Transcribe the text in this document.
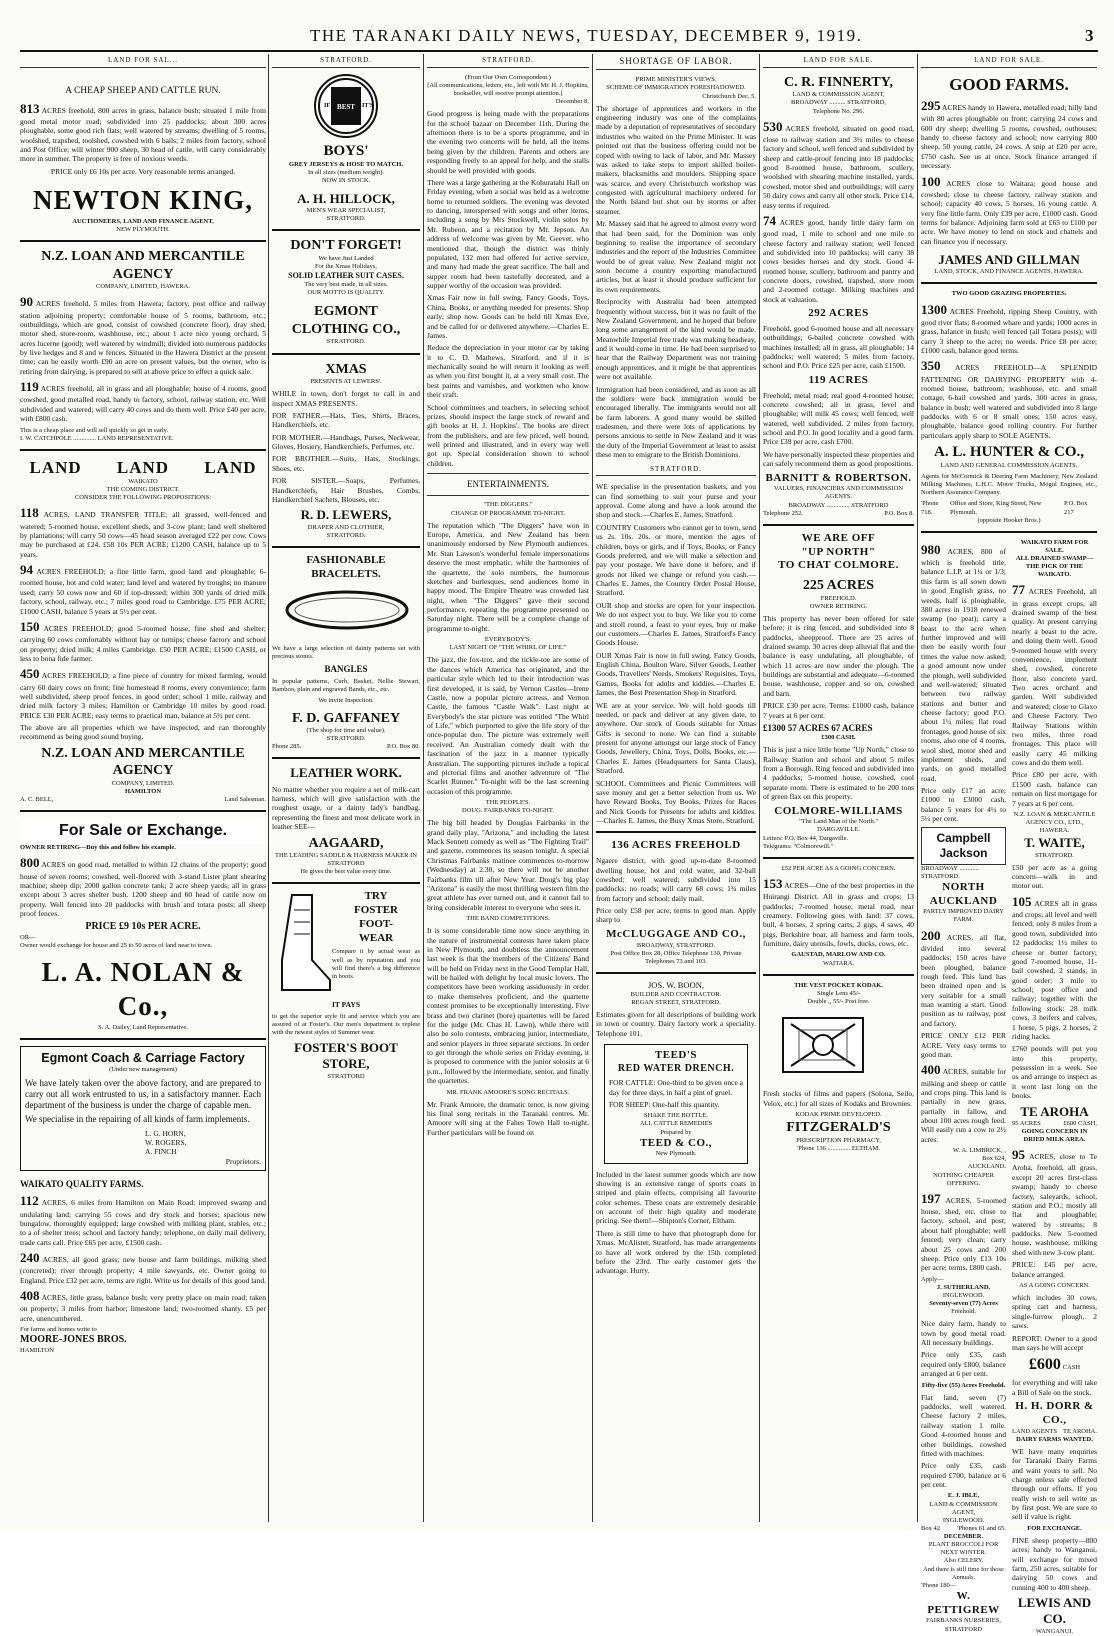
THE TARANAKI DAILY NEWS, TUESDAY, DECEMBER 9, 1919.	3
LAND FOR SAL...
A CHEAP SHEEP AND CATTLE RUN.

813 ACRES freehold, 800 acres in grass, balance bush; situated 1 mile from good metal motor road; subdivided into 25 paddocks; about 300 acres ploughable, some good rich flats; well watered by streams; dwelling of 5 rooms, woolshed, trapshed, toolshed, cowshed with 6 bails; 2 miles from factory, school and Post Office; will winter 900 sheep, 30 head of cattle, will carry considerably more in summer. The property is free of noxious weeds.

PRICE only £6 10s per acre. Very reasonable terms arranged.
NEWTON KING,
AUCTIONEERS, LAND AND FINANCE AGENT,
NEW PLYMOUTH.
N.Z. LOAN AND MERCANTILE AGENCY
COMPANY, LIMITED, HAWERA.

90 ACRES freehold, 5 miles from Hawera; factory, post office and railway station adjoining property; comfortable house of 5 rooms, bathroom, etc.; outbuildings, which are good, consist of cowshed (concrete floor), dray shed, motor shed, store-room, washhouse, etc.; about 1 acre nice young orchard, 5 acres lucerne (good); well watered by windmill; divided into numerous paddocks by live hedges and 8 and w fences. Situated in the Hawera District at the present time; can be easily worth £90 an acre on present values, but the owner, who is retiring from dairying, is prepared to sell at above price to effect a quick sale.

119 ACRES freehold, all in grass and all ploughable; house of 4 rooms, good cowshed, good metalled road, handy to factory, school, railway station, etc. Well subdivided and watered; will carry 40 cows and do them well. Price £40 per acre, with £800 cash.

This is a cheap place and will sell quickly so get in early.
I. W. CATCHPOLE .............. LAND REPRESENTATIVE.
LAND LAND LAND
WAIKATO
THE COMING DISTRICT.
CONSIDER THE FOLLOWING PROPOSITIONS:

118 ACRES, LAND TRANSFER TITLE; all grassed, well-fenced and watered; 5-roomed house, excellent sheds, and 3-cow plant; land well sheltered by plantations; will carry 50 cows—45 head season averaged £22 per cow. Cows may be purchased at £24. £58 10s PER ACRE; £1200 CASH, balance up to 5 years.

94 ACRES FREEHOLD; a fine little farm, good land and ploughable; 6-roomed house, hot and cold water; land level and watered by troughs; no manure used; carry 50 cows now and 60 if top-dressed; within 300 yards of dried milk factory, school, railway, etc.; 7 miles good road to Cambridge. £75 PER ACRE; £1000 CASH, balance 5 years at 5½ per cent.

150 ACRES FREEHOLD; good 5-roomed house, fine shed and shelter; carrying 60 cows comfortably without hay or turnips; cheese factory and school on property; dried milk; 4 miles Cambridge. £50 PER ACRE; £1500 CASH, or less to bona fide farmer.

450 ACRES FREEHOLD; a fine piece of country for mixed farming, would carry 60 dairy cows on front; fine homestead 8 rooms, every convenience; farm well subdivided, sheep proof fences, in good order; school 1 mile, railway and dried milk factory 3 miles; Hamilton or Cambridge 10 miles by good road. PRICE £30 PER ACRE; easy terms to practical man, balance at 5½ per cent.

The above are all properties which we have inspected, and can thoroughly recommend as being good sound buying.

N.Z. LOAN AND MERCANTILE AGENCY
COMPANY, LIMITED.
HAMILTON
A. C. BELL,	Land Salesman.
For Sale or Exchange.
OWNER RETIRING—Buy this and follow his example.

800 ACRES on good road, metalled to within 12 chains of the property; good house of seven rooms; cowshed, well-floored with 3-stand Lister plant shearing machine; sheep dip; 2000 gallon concrete tank; 2 acre sheep yards; all in grass except about 3 acres shelter bush. 1200 sheep and 60 head of cattle now on property. Well fenced into 20 paddocks with brush and totara posts; all sheep proof fences.

PRICE £9 10s PER ACRE.
OR—
Owner would exchange for house and 25 to 50 acres of land near to town.
L. A. NOLAN & Co.,
S. A. Dailey, Land Representative.
Egmont Coach & Carriage Factory
(Under new management)

We have lately taken over the above factory, and are prepared to carry out all work entrusted to us, in a satisfactory manner. Each department of the business is under the charge of capable men.

We specialise in the repairing of all kinds of farm implements.

L. G. HORN,
W. ROGERS,
A. FINCH
Proprietors.
WAIKATO QUALITY FARMS.

112 ACRES, 6 miles from Hamilton on Main Road; improved swamp and undulating land; carrying 55 cows and dry stock and horses; spacious new bungalow, thoroughly equipped; large cowshed with milking plant, stables, etc.; to a of shelter trees; school and factory handy; telephone, on daily mail delivery, trade carts call. Price £65 per acre, £1500 cash.

240 ACRES, all good grass; new house and farm buildings, milking shed (concreted); river through property; 4 mile sawyards, etc. Owner going to England. Price £32 per acre, terms are right. Write us for details of this good land.

408 ACRES, little grass, balance bush; very pretty place on main road; taken on property; 3 miles from harbor; limestone land; two-roomed shanty. £5 per acre, unencumbered.

For farms and homes write to
MOORE-JONES BROS.
HAMILTON
STRATFORD.
BEST
IF	IT'S
BOYS'
GREY JERSEYS & HOSE TO MATCH.
In all sizes (medium weight).
NOW IN STOCK.
A. H. HILLOCK,
MEN'S WEAR SPECIALIST,
STRATFORD.
DON'T FORGET!
We have Just Landed
For the Xmas Holidays,
SOLID LEATHER SUIT CASES.
The very best made, in all sizes.
OUR MOTTO IS QUALITY.
EGMONT
CLOTHING CO.,
STRATFORD.
XMAS
PRESENTS AT LEWERS'.

WHILE in town, don't forget to call in and inspect XMAS PRESENTS.

FOR FATHER.—Hats, Ties, Shirts, Braces, Handkerchiefs, etc.

FOR MOTHER.—Handbags, Purses, Neckwear, Gloves, Hosiery, Handkerchiefs, Perfumes, etc.

FOR BROTHER.—Suits, Hats, Stockings, Shoes, etc.

FOR SISTER.—Soaps, Perfumes, Handkerchiefs, Hair Brushes, Combs, Handkerchief Sachets, Blouses, etc.

R. D. LEWERS,
DRAPER AND CLOTHIER,
STRATFORD.
FASHIONABLE
BRACELETS.

We have a large selection of dainty patterns set with precious stones.

BANGLES

In popular patterns, Curb, Basket, Nellie Stewart, Bamboo, plain and engraved Bands, etc., etc.

We invite Inspection.
F. D. GAFFANEY
(The shop for time and value).
STRATFORD.
Phone 285.	P.O. Box 80.
LEATHER WORK.

No matter whether you require a set of milk-cart harness, which will give satisfaction with the roughest usage, or a dainty lady's handbag, representing the finest and most delicate work in leather SEE—

AAGAARD,
THE LEADING SADDLE & HARNESS MAKER IN STRATFORD
He gives the best value every time.
TRY
FOSTER
FOOT-
WEAR

Compare it by actual wear as well as by reputation and you will find there's a big difference in boots.

IT PAYS

to get the superior style fit and service which you are assured of at Foster's. Our men's department is replete with the newest styles of Summer wear.

FOSTER'S BOOT
STORE,
STRATFORD
STRATFORD.
(From Our Own Correspondent.)
[All communications, letters, etc., left with Mr. H. J. Hopkins, bookseller, will receive prompt attention.]
December 8.

Good progress is being made with the preparations for the school bazaar on December 11th. During the afternoon there is to be a sports programme, and in the evening two concerts will be held, all the items being given by the children. Parents and others are responding freely to an appeal for help, and the stalls should be well provided with goods.

There was a large gathering at the Kohuratahi Hall on Friday evening, when a social was held as a welcome home to returned soldiers. The evening was devoted to dancing, interspersed with songs and other items, including a song by Mrs Stockwell, violin solos by Mr. Rubeon, and a recitation by Mr. Jepson. An address of welcome was given by Mr. Geever, who mentioned that, though the district was thinly populated, 132 men had offered for active service, and many had made the great sacrifice. The hall and supper room had been tastefully decorated, and a supper worthy of the occasion was provided.

Xmas Fair now in full swing. Fancy Goods, Toys, China, Books, or anything needed for presents. Shop early; shop now. Goods can be held till Xmas Eve, and be called for or delivered anywhere.—Charles E. James.

Reduce the depreciation in your motor car by taking it to C. D. Mathews, Stratford, and if it is mechanically sound he will return it looking as well as when you first bought it, at a very small cost. The best paints and varnishes, and workmen who know their craft.

School committees and teachers, in selecting school prizes, should inspect the large stock of reward and gift books at H. J. Hopkins'. The books are direct from the publishers, and are few priced, well bound, well printed and illustrated, and in every way well got up. Special consideration shown to school children.

ENTERTAINMENTS.
"THE DIGGERS."
CHANGE OF PROGRAMME TO-NIGHT.

The reputation which "The Diggers" have won in Europe, America, and New Zealand has been unanimously endorsed by New Plymouth audiences. Mr. Stan Lawson's wonderful female impersonations deserve the most emphatic, while the harmonies of the quartette, the solo numbers, the humorous sketches and burlesques, send audiences home in happy mood. The Empire Theatre was crowded last night, when "The Diggers" gave their second performance, repeating the programme presented on Saturday night. There will be a complete change of programme to-night.

EVERYBODY'S.
LAST NIGHT OF "THE WHIRL OF LIFE."

The jazz, the fox-trot, and the tickle-toe are some of the dances which America has originated, and the particular style which led to their introduction was first developed, it is said, by Vernon Castles—Irene Castle, now a popular picture actress, and Vernon Castle, the famous "Castle Walk". Last night at Everybody's the star picture was entitled "The Whirl of Life," which purported to give the life story of the once-popular duo. The picture was extremely well received. An Australian comedy dealt with the fascination of the jazz in a manner typically Australian. The supporting pictures include a topical and pictorial films and another adventure of "The Scarlet Runner." To-night will be the last screening occasion of this programme.

THE PEOPLE'S.
DOUG. FAIRBANKS TO-NIGHT.

The big bill headed by Douglas Fairbanks in the grand daily play, "Arizona," and including the latest Mack Sennett comedy as well as "The Fighting Trail" and gazette, commences its season tonight. A special Christmas Fairbanks matinee commences to-morrow (Wednesday) at 2.30, so there will not be another Fairbanks film till after New Year. Doug's big play "Arizona" is easily the most thrilling western film the great athlete has ever turned out, and it cannot fail to bring considerable interest to everyone who sees it.

THE BAND COMPETITIONS.

It is some considerable time now since anything in the nature of instrumental contests have taken place in New Plymouth, and doubtless the announcement last week is that the members of the Citizens' Band will be held on Friday next in the Good Templar Hall, will be hailed with delight by local music lovers. The competitors have been working assiduously in order to make themselves proficient, and the quartette contest promises to be exceptionally interesting. Five brass and two clarinet (bore) quartettes will be faced for the judge (Mr. Chas H. Lawn), while there will also be solo contests, embracing junior, intermediate, and senior players in three separate sections. In order to get through the whole series on Friday evening, it is proposed to commence with the junior solosits at 6 p.m., followed by the intermediate, senior, and finally the quartettes.

MR. FRANK AMOORE'S SONG RECITALS.

Mr. Frank Amoore, the dramatic tenor, is now giving his final song recitals in the Taranaki centres. Mr. Amoore will sing at the Fahes Town Hall to-night. Further particulars will be found on

SHORTAGE OF LABOR.
PRIME MINISTER'S VIEWS.
SCHEME OF IMMIGRATION FORESHADOWED.
Christchurch Dec. 5.

The shortage of apprentices and workers in the engineering industry was one of the complaints made by a deputation of representatives of secondary industries who waited on the Prime Minister. It was pointed out that the business offering could not be coped with owing to lack of labor, and Mr. Massey was asked to take steps to import skilled boiler-makers, blacksmiths and moulders. Shipping space was scarce, and every Christchurch workshop was congested with agricultural machinery ordered for the North Island but shut out by storms or after steamer.

Mr. Massey said that he agreed to almost every word that had been said, for the Dominion was only beginning to realise the importance of secondary industries and the report of the Industries Committee would be of great value. New Zealand might not soon become a country exporting manufactured articles, but at least it should produce sufficient for its own requirements.

Reciprocity with Australia had been attempted frequently without success, but it was no fault of the New Zealand Government, and he hoped that before long some arrangement of the kind would be made. Meanwhile Imperial free trade was making headway, and it would come in time. He had been surprised to hear that the Railway Department was not training enough apprentices, and it might be that apprentices were not available.

Immigration had been considered, and as soon as all the soldiers were back immigration would be encouraged liberally. The immigrants would not all be farm laborers. A good many would be skilled tradesmen, and there were lots of applications by persons anxious to settle in New Zealand and it was the duty of the Imperial Government at least to assist these men to emigrate to the British Dominions.

STRATFORD.

WE specialise in the presentation baskets, and you can find something to suit your purse and your approval. Come along and have a look around the shop and stock.—Charles E. James, Stratford.

COUNTRY Customers who cannot get to town, send us 2s. 10s. 20s. or more, mention the ages of children, boys or girls, and if Toys, Books, or Fancy Goods preferred, and we will make a selection and pay your postage. We have done it before, and if goods not liked we change or refund you cash.—Charles E. James, the Country Order Postal House, Stratford.

OUR shop and stocks are open for your inspection. We do not expect you to buy. We like you to come and stroll round, a feast to your eyes, buy or make our customers.—Charles E. James, Stratford's Fancy Goods House.

OUR Xmas Fair is now in full swing. Fancy Goods, English China, Boulton Ware, Silver Goods, Leather Goods, Travellers' Needs, Smokers' Requisites, Toys, Games, Books for adults and kiddies.—Charles E. James, the Best Presentation Shop in Stratford.

WE are at your service. We will hold goods till needed, or pack and deliver at any given date, to anywhere. Our stock of Goods suitable for Xmas Gifts is second to none. We can find a suitable present for anyone amongst our large stock of Fancy Goods, Jewellery, China, Toys, Dolls, Books, etc.—Charles E. James (Headquarters for Santa Claus), Stratford.

SCHOOL Committees and Picnic Committees will save money and get a better selection from us. We have Reward Books, Toy Books, Prizes for Races and Nick Goods for Presents for adults and kiddies.—Charles E. James, the Busy Xmas Store, Stratford.

136 ACRES FREEHOLD

Ngaere district, with good up-to-date 8-roomed dwelling house, hot and cold water, and 32-ball cowshed; well watered; subdivided into 15 paddocks; no roads; will carry 68 cows; 1¾ miles from factory and school; daily mail.

Price only £58 per acre, terms to good man. Apply sharp to

McCLUGGAGE AND CO.,
BROADWAY, STRATFORD.
Post Office Box 28, Office Telephone 130, Private Telephones 73 and 103.
JOS. W. BOON,
BUILDER AND CONTRACTOR.
REGAN STREET, STRATFORD.

Estimates given for all descriptions of building work in town or country. Dairy factory work a speciality. Telephone 101.

TEED'S
RED WATER DRENCH.

FOR CATTLE: One-third to be given once a day for three days, in half a pint of gruel.

FOR SHEEP: One-half this quantity.

SHAKE THE BOTTLE.
ALL CATTLE REMEDIES
Prepared by
TEED & CO.,
New Plymouth.

Included in the latest summer goods which are now showing is an extensive range of sports coats in striped and plain effects, comprising all favourite color schemes. These coats are extremely desirable on account of their high quality and moderate pricing. See them!—Shipton's Corner, Eltham.

There is still time to have that photograph done for Xmas. McAlister, Stratford, has made arrangements to have all work ordered by the 15th completed before the 23rd. The early customer gets the advantage. Hurry.

LAND FOR SALE.
C. R. FINNERTY,
LAND & COMMISSION AGENT,
BROADWAY .......... STRATFORD,
Telephone No. 296.

530 ACRES freehold, situated on good road, close to railway station and 3½ miles to cheese factory and school, well fenced and subdivided by sheep and cattle-proof fencing into 18 paddocks; good 8-roomed house, bathroom, scullery, woolshed with shearing machine installed, yards, cowshed, motor shed and outbuildings; will carry 50 dairy cows and carry all other stock. Price £14, easy terms if required.

74 ACRES good, handy little dairy farm on good road, 1 mile to school and one mile to cheese factory and railway station; well fenced and subdivided into 10 paddocks; will carry 38 cows besides horses and dry stock. Good 4-roomed house, scullery, bathroom and pantry and concrete doors, cowshed, trapshed, store room and 2-roomed cottage. Milking machines and stock at valuation.

292 ACRES

Freehold, good 6-roomed house and all necessary outbuildings; 6-bailed concrete cowshed with machines installed; all in grass, all ploughable; 14 paddocks; well watered; 5 miles from factory, school and P.O. Price £25 per acre, cash £1500.

119 ACRES

Freehold, metal road; real good 4-roomed house; concrete cowshed; all in grass, level and ploughable; will milk 45 cows; well fenced, well watered, well subdivided, 2 miles from factory, school and P.O. In good locality and a good farm. Price £39 per acre, cash £700.

We have personally inspected these properties and can safely recommend them as good propositions.

BARNITT & ROBERTSON.
VALUERS, FINANCIERS AND COMMISSION AGENTS.
BROADWAY .............. STRATFORD
Telephone 252.	P.O. Box 8.
WE ARE OFF
"UP NORTH"
TO CHAT COLMORE.
225 ACRES
FREEHOLD.
OWNER RETIRING.

This property has never been offered for sale before; it is ring fenced, and subdivided into 8 paddocks, sheepproof. There are 25 acres of drained swamp, 30 acres deep alluvial flat and the balance is easy undulating, all ploughable, of which 11 acres are now under the plough. The buildings are substantial and adequate—6-roomed house, washhouse, copper and so on, cowshed and barn.

PRICE £30 per acre. Terms: £1000 cash, balance 7 years at 6 per cent.

£1300 57 ACRES 67 ACRES
£300 CASH.

This is just a nice little home "Up North," close to Railway Station and school and about 5 miles from a Borough. Ring fenced and subdivided into 4 paddocks; 5-roomed house, cowshed, cool separate room. There is estimated to be 200 tons of green flax on this property.

COLMORE-WILLIAMS
"The Land Man of the North."
DARGAVILLE.
Letters: P.O. Box 44, Dargaville.
Telegrams: "Colmorewill."
£52 PER ACRE AS A GOING CONCERN.

153 ACRES—One of the best properties in the Huirangi District. All in grass and crops; 13 paddocks; 7-roomed house, metal road, near creamery. Following goes with land: 37 cows, bull, 4 horses, 2 spring carts, 2 gigs, 4 saws, 40 pigs, Berkshire boar, all harness and farm tools, furniture, dairy utensils, fowls, ducks, cows, etc.

GAUSTAD, MARLOW AND CO.
WAITARA.
THE VEST POCKET KODAK.
Single Lens 45/-
Double ,, 55/- Post free.

Fresh stocks of films and papers (Solona, Seilo, Velox, etc.) for all sizes of Kodaks and Brownies.

KODAK PRIME DEVELOPED.
FITZGERALD'S
PRESCRIPTION PHARMACY,
'Phone 136 .............. ELTHAM.
LAND FOR SALE.
GOOD FARMS.

295 ACRES handy to Hawera, metalled road; hilly land with 80 acres ploughable on front; carrying 24 cows and 600 dry sheep; dwelling 5 rooms, cowshed, outhouses; handy to cheese factory and school; now carrying 800 sheep, 50 young cattle, 24 cows. A snip at £20 per acre, £750 cash. See us at once. Stock finance arranged if necessary.

100 ACRES close to Waitara; good house and cowshed; close to cheese factory, railway station and school; capacity 40 cows, 5 horses, 16 young cattle. A very fine little farm. Only £39 per acre, £1000 cash. Good terms for balance. Adjoining farm sold at £65 to £100 per acre. We have money to lend on stock and chattels and can finance you if necessary.

JAMES AND GILLMAN
LAND, STOCK, AND FINANCE AGENTS, HAWERA.
TWO GOOD GRAZING PROPERTIES.

1300 ACRES Freehold, ripping Sheep Country, with good river flats; 8-roomed whare and yards; 1000 acres in grass, balance in bush; well fenced (all Totara posts); will carry 3 sheep to the acre; no weeds. Price £8 per acre; £1000 cash, balance good terms.

350 ACRES FREEHOLD—A SPLENDID FATTENING OR DAIRYING PROPERTY with 4-roomed house, bathroom, washhouse, etc. and small cottage, 6-bail cowshed and yards, 300 acres in grass, balance in bush; well watered and subdivided into 8 large paddocks with 6 or 8 small ones; 150 acres easy, ploughable, balance good rolling country. For further particulars apply sharp to SOLE AGENTS.

A. L. HUNTER & CO.,
LAND AND GENERAL COMMISSION AGENTS.

Agents for McCormick & Deering Farm Machinery, New Zealand Milking Machines, L.H.C. Motor Trucks, Mogul Engines, etc., Northern Assurance Company.

'Phone 718.
Office and Store, King Street, New Plymouth.
P.O. Box 217
(opposite Hooker Bros.)

980 ACRES, 800 of which is freehold title, balance L.I.P. at 1¼ or 1/3; this farm is all sown down in good English grass, no weeds, half is ploughable, 380 acres in 1918 renewed swamp (no peat); carry a beast to the acre when further improved and will then be easily worth four times the value now asked; a good amount now under the plough, well subdivided and well-watered; situated between two railway stations and butter and cheese factory; good P.O. about 1½ miles; flat road frontages, good house of six rooms, also one of 4 rooms, wool shed, motor shed and implement sheds, and yards, on good metalled road.

Price only £17 an acre; £1000 to £3000 cash, balance 5 years for 4½ to 5¼ per cent.

Campbell Jackson
BROADWAY ............ STRATFORD.
NORTH AUCKLAND
PARTLY IMPROVED DAIRY FARM.

200 ACRES, all flat, divided into several paddocks; 150 acres have been ploughed, balance rough feed. This land has been drained open and is very suitable for a small man wanting a start. Good position as to railway, post and factory.

PRICE ONLY £12 PER ACRE. Very easy terms to good man.

400 ACRES, suitable for milking and sheep or cattle and crops ping. This land is partially in new grass, partially in fallow, and about 100 acres rough feed. Will easily run a cow to 2½ acres.

W. A. LIMBRICK, ,
Box 624,
AUCKLAND.
NOTHING CHEAPER OFFERING.

197 ACRES, 5-roomed house, shed, etc. close to factory, school, and post; about half ploughable; well fenced; very clean; carry about 25 cows and 200 sheep. Price only £13 10s per acre; terms, £800 cash.

Apply—
J. SUTHERLAND,
INGLEWOOD.
Seventy-seven (77) Acres
Freehold.

Nice dairy farm, handy to town by good metal road. All necessary buildings.

Price only £35, cash required only £800, balance arranged at 6 per cent.

Fifty-five (55) Acres Freehold.

Flat land, seven (7) paddocks, well watered. Cheese factory 2 miles, railway station 1 mile. Good 4-roomed house and other buildings, cowshed fitted with machines.

Price only £35, cash required £700, balance at 6 per cent.

E. J. IBLE,
LAND & COMMISSION AGENT,
INGLEWOOD.
Box 42	'Phones 61 and 65.
DECEMBER.
PLANT BROCCOLI FOR NEXT WINTER.
Also CELERY.
And there is still time for those Annuals.
'Phone 180—
W. PETTIGREW
FAIRBANKS NURSERIES,
STRATFORD
WAIKATO FARM FOR SALE.
ALL DRAINED SWAMP—THE PICK OF THE WAIKATO.

77 ACRES Freehold, all in grass except crops, all drained swamp of the best quality. At present carrying nearly a beast to the acre, and doing them well. Good 9-roomed house with every convenience, implement shed, cowshed, concrete floor, also concrete yard. Two acres orchard and garden. Well subdivided and watered; close to Glaxo and Cheese Factory. Two Railway Stations within two miles, three road frontages. This place will easily carry 45 milking cows and do them well.

Price £80 per acre, with £1500 cash, balance can remain on first mortgage for 7 years at 6 per cent.

N.Z. LOAN & MERCANTILE AGENCY CO., LTD.,
HAWERA.
T. WAITE,
STRATFORD.

£50 per acre as a going concern—walk in and motor out.

105 ACRES all in grass and crops; all level and well fenced; only 8 miles from a good town, subdivided into 12 paddocks; 1½ miles to cheese or butter factory; good 7-roomed house, 11-bail cowshed, 2 stands, in good order; 3 mile to school; post office and railway; together with the following stock: 28 milk cows, 3 heifers and calves, 1 horse, 5 pigs, 2 horses, 2 riding hacks.

£760 pounds will put you into this property, possession in a week. See us and arrange to inspect as it wont last long on the books.

TE AROHA
95 ACRES	£600 CASH,
GOING CONCERN IN DRIED MILK AREA.

95 ACRES, close to Te Aroha, freehold, all grass, except 20 acres first-class swamp; handy to cheese factory, saleyards, school, station and P.O.; mostly all flat and ploughable; watered by streams; 8 paddocks. New 5-roomed house, washhouse, milking shed with new 3-cow plant.

PRICE: £45 per acre, balance arranged.

AS A GOING CONCERN.

which includes 30 cows, spring cart and harness, single-furrow plough, 2 saws.

REPORT: Owner to a good man says he will accept

£600 CASH

for everything and will take a Bill of Sale on the stock.

H. H. DORR & CO.,
LAND AGENTS TE AROHA.
DAIRY FARMS WANTED.

WE have many enquiries for Taranaki Dairy Farms and want yours to sell. No charge unless sale effected through our efforts. If you really wish to sell write us by first post. We are sure to sell if value is right.

FOR EXCHANGE.

FINE sheep property—800 acres; handy to Wanganui, will exchange for mixed farm, 250 acres, suitable for dairying 50 cows and running 400 to 400 sheep.

LEWIS AND CO.
WANGANUI.
